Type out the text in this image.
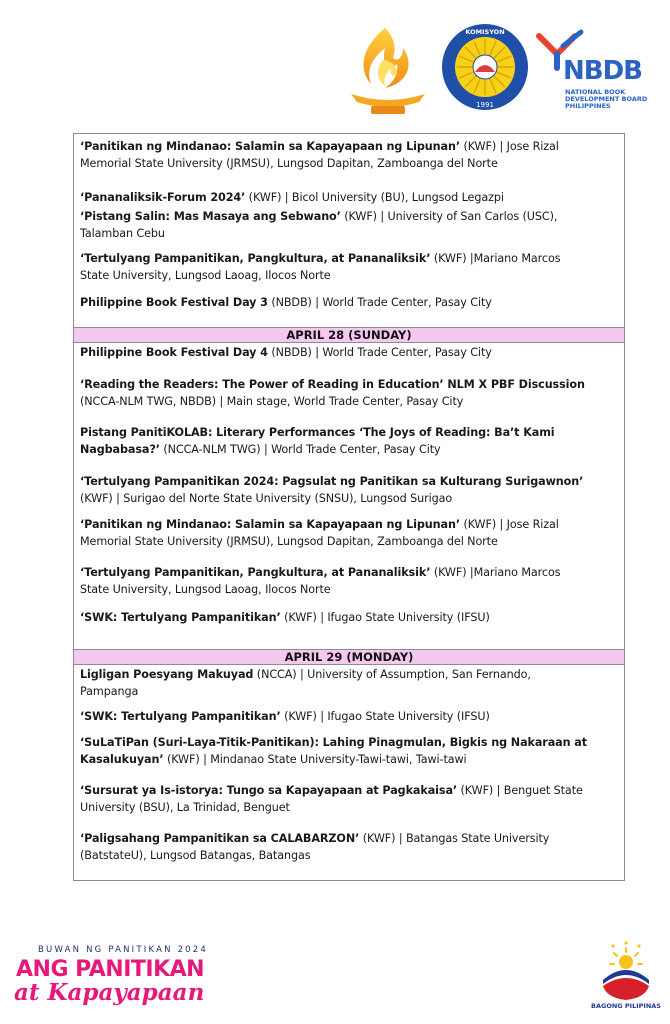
KOMISYON
1991
NBDB
NATIONAL BOOK
DEVELOPMENT BOARD
PHILIPPINES
‘Panitikan ng Mindanao: Salamin sa Kapayapaan ng Lipunan’ (KWF) | Jose Rizal
Memorial State University (JRMSU), Lungsod Dapitan, Zamboanga del Norte
‘Pananaliksik-Forum 2024’ (KWF) | Bicol University (BU), Lungsod Legazpi
‘Pistang Salin: Mas Masaya ang Sebwano’ (KWF) | University of San Carlos (USC),
Talamban Cebu
‘Tertulyang Pampanitikan, Pangkultura, at Pananaliksik’ (KWF) |Mariano Marcos
State University, Lungsod Laoag, Ilocos Norte
Philippine Book Festival Day 3 (NBDB) | World Trade Center, Pasay City
APRIL 28 (SUNDAY)
Philippine Book Festival Day 4 (NBDB) | World Trade Center, Pasay City
‘Reading the Readers: The Power of Reading in Education’ NLM X PBF Discussion
(NCCA-NLM TWG, NBDB) | Main stage, World Trade Center, Pasay City
Pistang PanitiKOLAB: Literary Performances ‘The Joys of Reading: Ba’t Kami
Nagbabasa?’ (NCCA-NLM TWG) | World Trade Center, Pasay City
‘Tertulyang Pampanitikan 2024: Pagsulat ng Panitikan sa Kulturang Surigawnon’
(KWF) | Surigao del Norte State University (SNSU), Lungsod Surigao
‘Panitikan ng Mindanao: Salamin sa Kapayapaan ng Lipunan’ (KWF) | Jose Rizal
Memorial State University (JRMSU), Lungsod Dapitan, Zamboanga del Norte
‘Tertulyang Pampanitikan, Pangkultura, at Pananaliksik’ (KWF) |Mariano Marcos
State University, Lungsod Laoag, Ilocos Norte
‘SWK: Tertulyang Pampanitikan’ (KWF) | Ifugao State University (IFSU)
APRIL 29 (MONDAY)
Ligligan Poesyang Makuyad (NCCA) | University of Assumption, San Fernando,
Pampanga
‘SWK: Tertulyang Pampanitikan’ (KWF) | Ifugao State University (IFSU)
‘SuLaTiPan (Suri-Laya-Titik-Panitikan): Lahing Pinagmulan, Bigkis ng Nakaraan at
Kasalukuyan’ (KWF) | Mindanao State University-Tawi-tawi, Tawi-tawi
‘Sursurat ya Is-istorya: Tungo sa Kapayapaan at Pagkakaisa’ (KWF) | Benguet State
University (BSU), La Trinidad, Benguet
‘Paligsahang Pampanitikan sa CALABARZON’ (KWF) | Batangas State University
(BatstateU), Lungsod Batangas, Batangas
BUWAN NG PANITIKAN 2024
ANG PANITIKAN
at Kapayapaan	BAGONG PILIPINAS
